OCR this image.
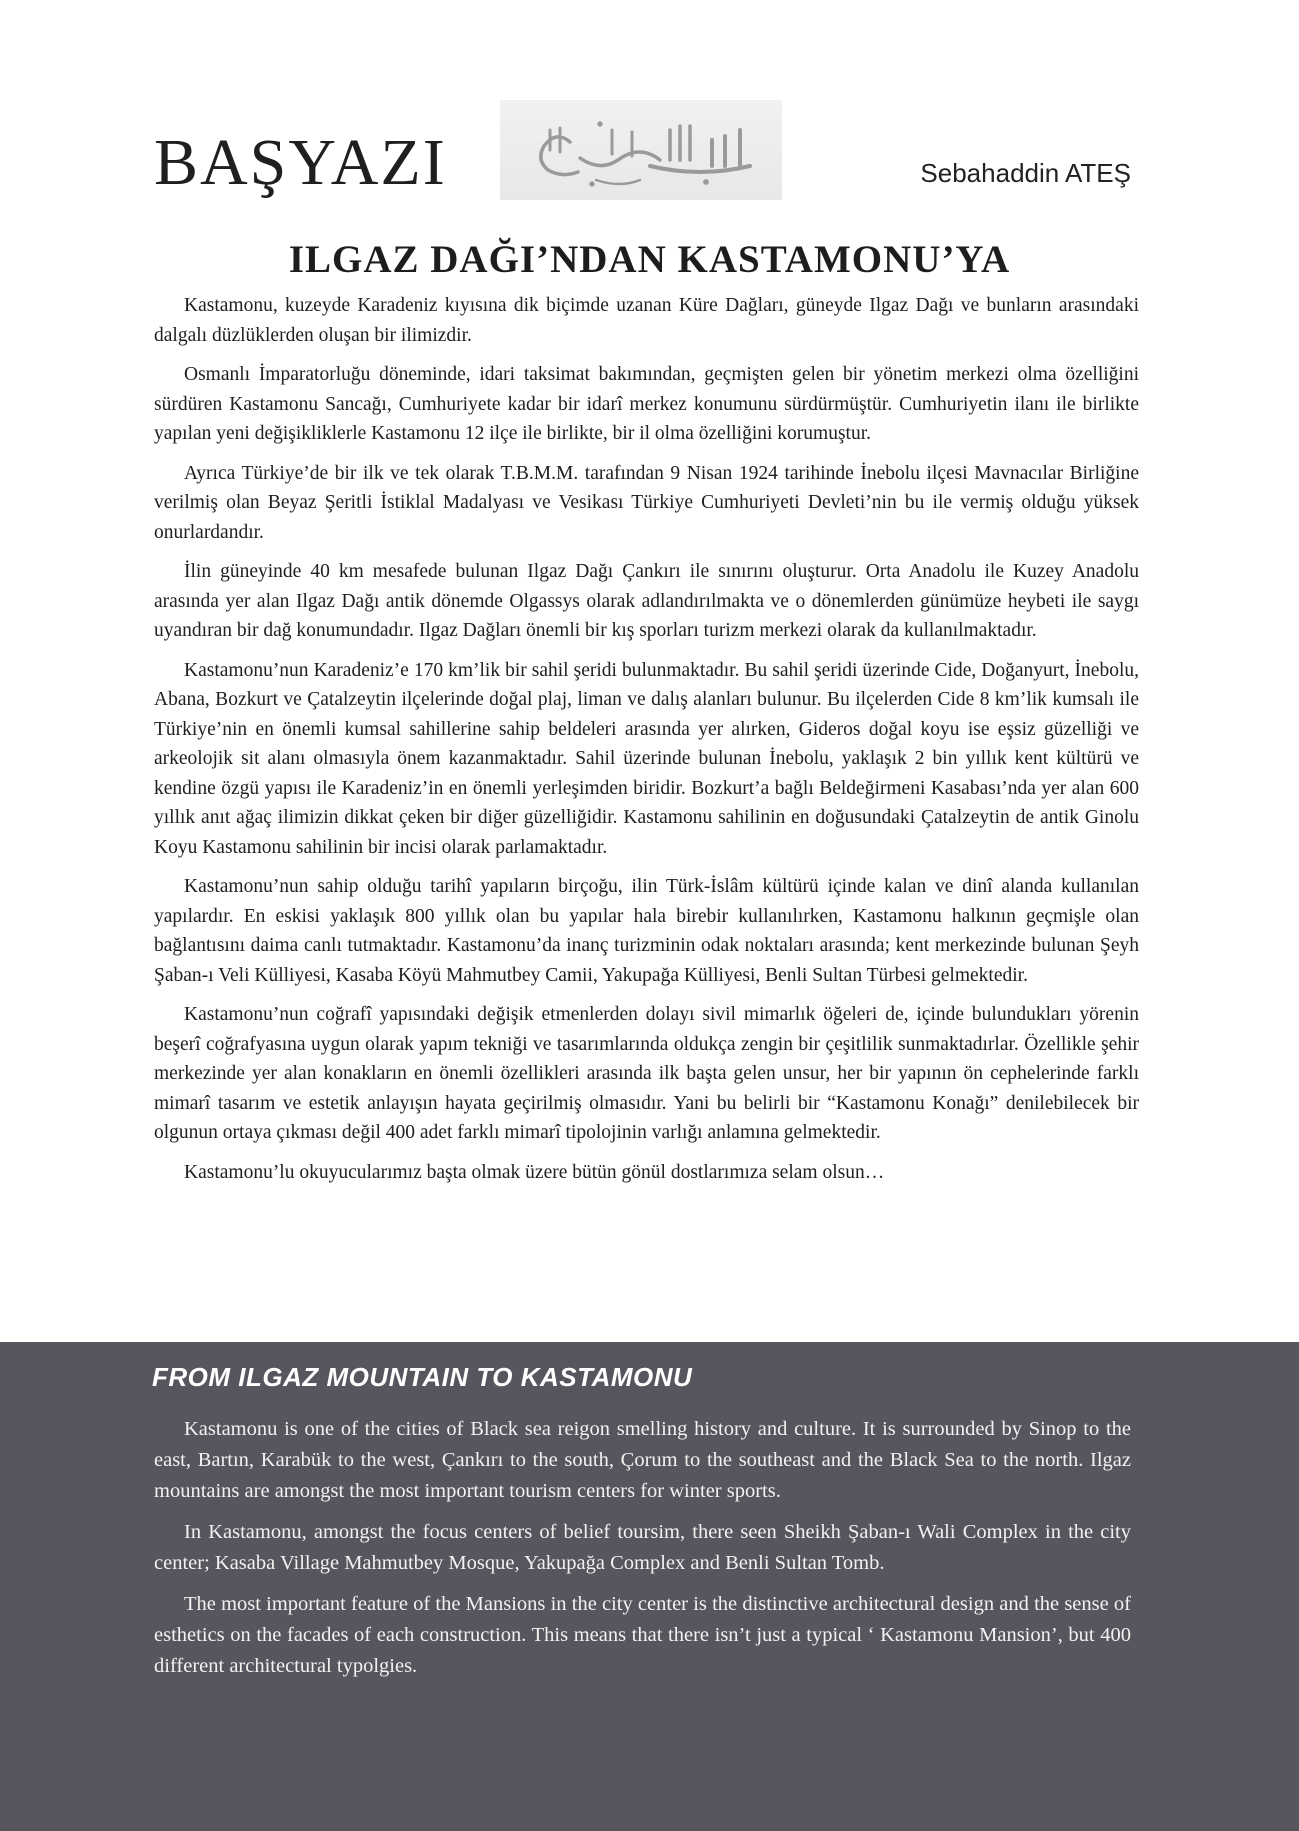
BAŞYAZI	Sebahaddin ATEŞ
ILGAZ DAĞI’NDAN KASTAMONU’YA

Kastamonu, kuzeyde Karadeniz kıyısına dik biçimde uzanan Küre Dağları, güneyde Ilgaz Dağı ve bunların arasındaki dalgalı düzlüklerden oluşan bir ilimizdir.

Osmanlı İmparatorluğu döneminde, idari taksimat bakımından, geçmişten gelen bir yönetim merkezi olma özelliğini sürdüren Kastamonu Sancağı, Cumhuriyete kadar bir idarî merkez konumunu sürdürmüştür. Cumhuriyetin ilanı ile birlikte yapılan yeni değişikliklerle Kastamonu 12 ilçe ile birlikte, bir il olma özelliğini korumuştur.

Ayrıca Türkiye’de bir ilk ve tek olarak T.B.M.M. tarafından 9 Nisan 1924 tarihinde İnebolu ilçesi Mavnacılar Birliğine verilmiş olan Beyaz Şeritli İstiklal Madalyası ve Vesikası Türkiye Cumhuriyeti Devleti’nin bu ile vermiş olduğu yüksek onurlardandır.

İlin güneyinde 40 km mesafede bulunan Ilgaz Dağı Çankırı ile sınırını oluşturur. Orta Anadolu ile Kuzey Anadolu arasında yer alan Ilgaz Dağı antik dönemde Olgassys olarak adlandırılmakta ve o dönemlerden günümüze heybeti ile saygı uyandıran bir dağ konumundadır. Ilgaz Dağları önemli bir kış sporları turizm merkezi olarak da kullanılmaktadır.

Kastamonu’nun Karadeniz’e 170 km’lik bir sahil şeridi bulunmaktadır. Bu sahil şeridi üzerinde Cide, Doğanyurt, İnebolu, Abana, Bozkurt ve Çatalzeytin ilçelerinde doğal plaj, liman ve dalış alanları bulunur. Bu ilçelerden Cide 8 km’lik kumsalı ile Türkiye’nin en önemli kumsal sahillerine sahip beldeleri arasında yer alırken, Gideros doğal koyu ise eşsiz güzelliği ve arkeolojik sit alanı olmasıyla önem kazanmaktadır. Sahil üzerinde bulunan İnebolu, yaklaşık 2 bin yıllık kent kültürü ve kendine özgü yapısı ile Karadeniz’in en önemli yerleşimden biridir. Bozkurt’a bağlı Beldeğirmeni Kasabası’nda yer alan 600 yıllık anıt ağaç ilimizin dikkat çeken bir diğer güzelliğidir. Kastamonu sahilinin en doğusundaki Çatalzeytin de antik Ginolu Koyu Kastamonu sahilinin bir incisi olarak parlamaktadır.

Kastamonu’nun sahip olduğu tarihî yapıların birçoğu, ilin Türk-İslâm kültürü içinde kalan ve dinî alanda kullanılan yapılardır. En eskisi yaklaşık 800 yıllık olan bu yapılar hala birebir kullanılırken, Kastamonu halkının geçmişle olan bağlantısını daima canlı tutmaktadır. Kastamonu’da inanç turizminin odak noktaları arasında; kent merkezinde bulunan Şeyh Şaban-ı Veli Külliyesi, Kasaba Köyü Mahmutbey Camii, Yakupağa Külliyesi, Benli Sultan Türbesi gelmektedir.

Kastamonu’nun coğrafî yapısındaki değişik etmenlerden dolayı sivil mimarlık öğeleri de, içinde bulundukları yörenin beşerî coğrafyasına uygun olarak yapım tekniği ve tasarımlarında oldukça zengin bir çeşitlilik sunmaktadırlar. Özellikle şehir merkezinde yer alan konakların en önemli özellikleri arasında ilk başta gelen unsur, her bir yapının ön cephelerinde farklı mimarî tasarım ve estetik anlayışın hayata geçirilmiş olmasıdır. Yani bu belirli bir “Kastamonu Konağı” denilebilecek bir olgunun ortaya çıkması değil 400 adet farklı mimarî tipolojinin varlığı anlamına gelmektedir.

Kastamonu’lu okuyucularımız başta olmak üzere bütün gönül dostlarımıza selam olsun…

FROM ILGAZ MOUNTAIN TO KASTAMONU

Kastamonu is one of the cities of Black sea reigon smelling history and culture. It is surrounded by Sinop to the east, Bartın, Karabük to the west, Çankırı to the south, Çorum to the southeast and the Black Sea to the north. Ilgaz mountains are amongst the most important tourism centers for winter sports.

In Kastamonu, amongst the focus centers of belief toursim, there seen Sheikh Şaban-ı Wali Complex in the city center; Kasaba Village Mahmutbey Mosque, Yakupağa Complex and Benli Sultan Tomb.

The most important feature of the Mansions in the city center is the distinctive architectural design and the sense of esthetics on the facades of each construction. This means that there isn’t just a typical ‘ Kastamonu Mansion’, but 400 different architectural typolgies.
